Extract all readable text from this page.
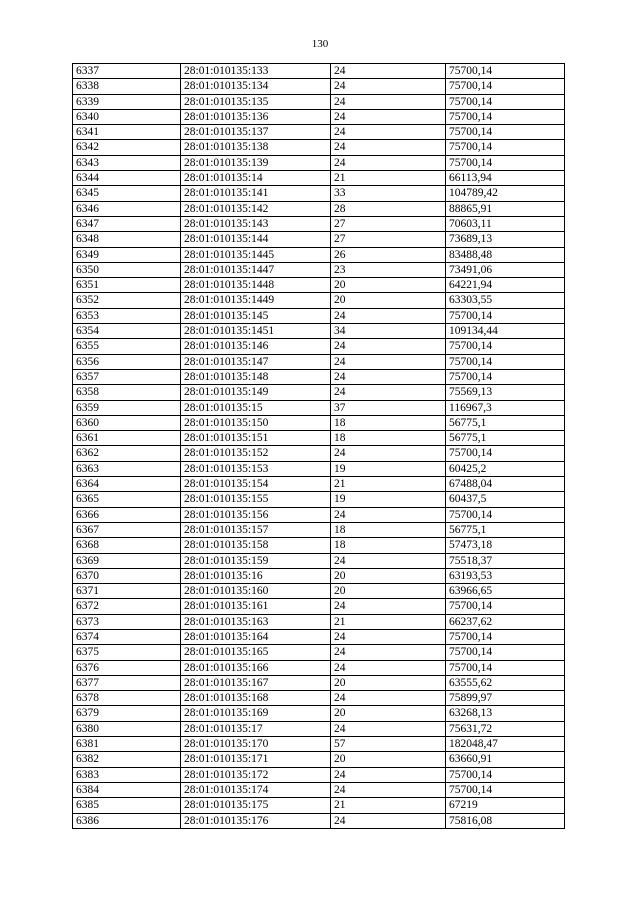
130
6337	28:01:010135:133	24	75700,14
6338	28:01:010135:134	24	75700,14
6339	28:01:010135:135	24	75700,14
6340	28:01:010135:136	24	75700,14
6341	28:01:010135:137	24	75700,14
6342	28:01:010135:138	24	75700,14
6343	28:01:010135:139	24	75700,14
6344	28:01:010135:14	21	66113,94
6345	28:01:010135:141	33	104789,42
6346	28:01:010135:142	28	88865,91
6347	28:01:010135:143	27	70603,11
6348	28:01:010135:144	27	73689,13
6349	28:01:010135:1445	26	83488,48
6350	28:01:010135:1447	23	73491,06
6351	28:01:010135:1448	20	64221,94
6352	28:01:010135:1449	20	63303,55
6353	28:01:010135:145	24	75700,14
6354	28:01:010135:1451	34	109134,44
6355	28:01:010135:146	24	75700,14
6356	28:01:010135:147	24	75700,14
6357	28:01:010135:148	24	75700,14
6358	28:01:010135:149	24	75569,13
6359	28:01:010135:15	37	116967,3
6360	28:01:010135:150	18	56775,1
6361	28:01:010135:151	18	56775,1
6362	28:01:010135:152	24	75700,14
6363	28:01:010135:153	19	60425,2
6364	28:01:010135:154	21	67488,04
6365	28:01:010135:155	19	60437,5
6366	28:01:010135:156	24	75700,14
6367	28:01:010135:157	18	56775,1
6368	28:01:010135:158	18	57473,18
6369	28:01:010135:159	24	75518,37
6370	28:01:010135:16	20	63193,53
6371	28:01:010135:160	20	63966,65
6372	28:01:010135:161	24	75700,14
6373	28:01:010135:163	21	66237,62
6374	28:01:010135:164	24	75700,14
6375	28:01:010135:165	24	75700,14
6376	28:01:010135:166	24	75700,14
6377	28:01:010135:167	20	63555,62
6378	28:01:010135:168	24	75899,97
6379	28:01:010135:169	20	63268,13
6380	28:01:010135:17	24	75631,72
6381	28:01:010135:170	57	182048,47
6382	28:01:010135:171	20	63660,91
6383	28:01:010135:172	24	75700,14
6384	28:01:010135:174	24	75700,14
6385	28:01:010135:175	21	67219
6386	28:01:010135:176	24	75816,08
